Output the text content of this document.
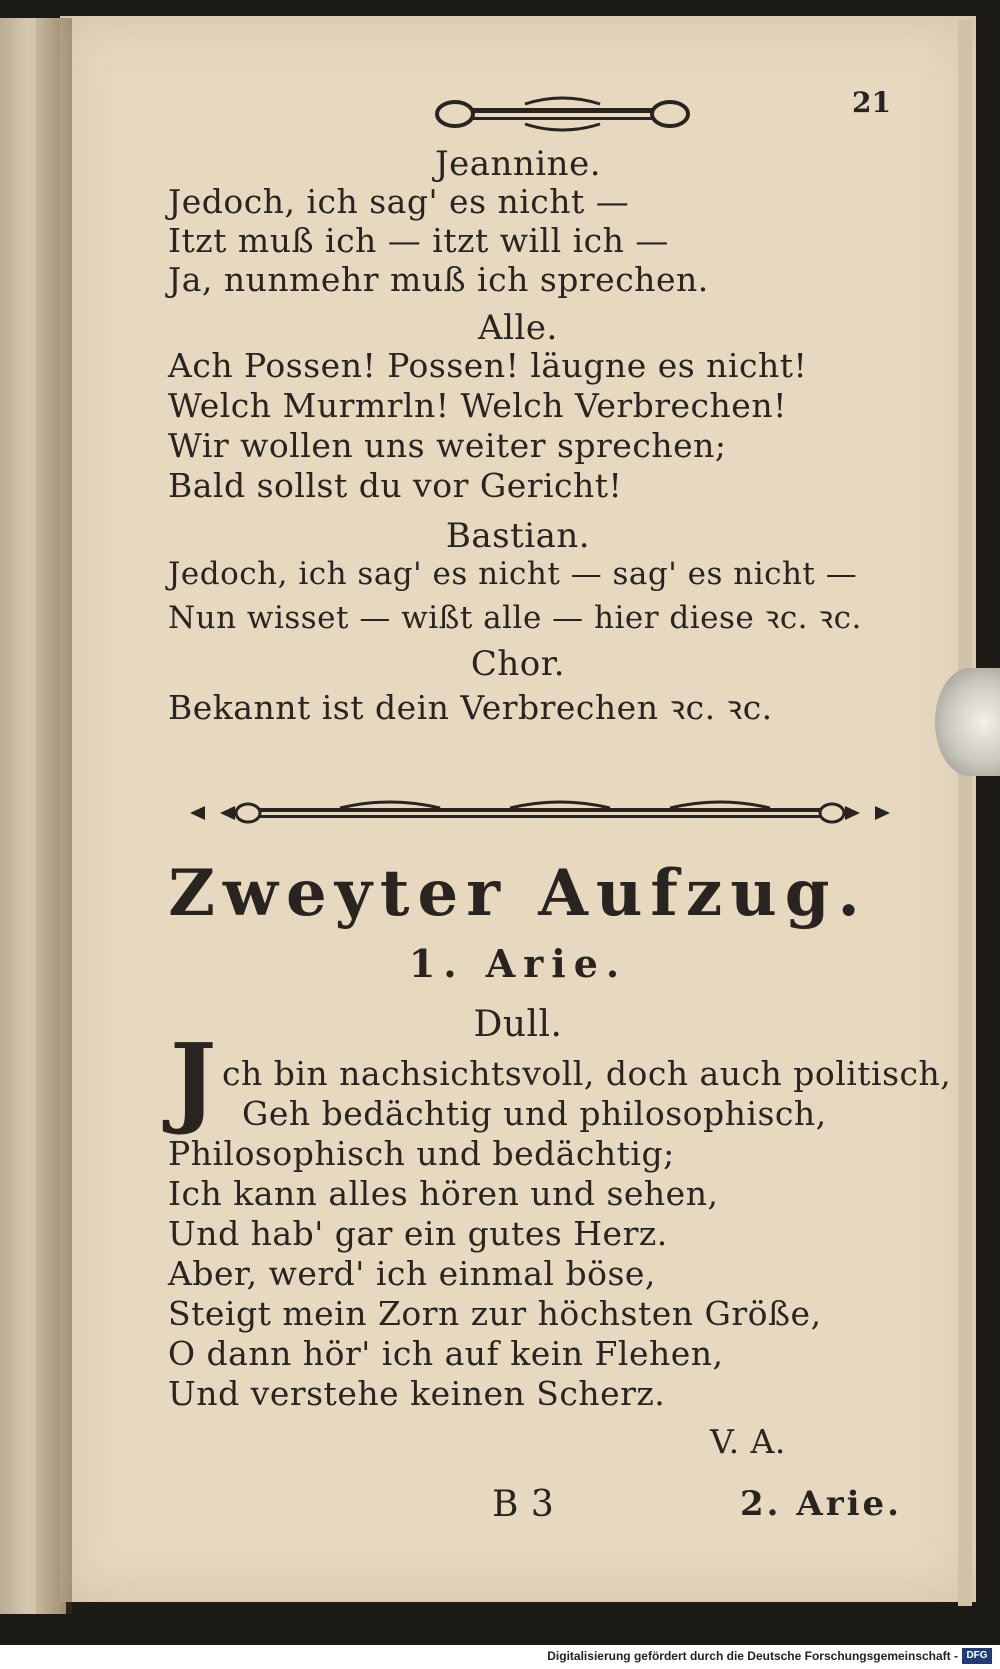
21
Jeannine.
Jedoch, ich sag' es nicht —
Itzt muß ich — itzt will ich —
Ja, nunmehr muß ich sprechen.
Alle.
Ach Possen! Possen! läugne es nicht!
Welch Murmrln! Welch Verbrechen!
Wir wollen uns weiter sprechen;
Bald sollst du vor Gericht!
Bastian.
Jedoch, ich sag' es nicht — sag' es nicht —
Nun wisset — wißt alle — hier diese ꝛc. ꝛc.
Chor.
Bekannt ist dein Verbrechen ꝛc. ꝛc.
Zweyter Aufzug.
1. Arie.
Dull.
J ch bin nachsichtsvoll, doch auch politisch,
Geh bedächtig und philosophisch,
Philosophisch und bedächtig;
Ich kann alles hören und sehen,
Und hab' gar ein gutes Herz.
Aber, werd' ich einmal böse,
Steigt mein Zorn zur höchsten Größe,
O dann hör' ich auf kein Flehen,
Und verstehe keinen Scherz.
V. A.
B 3	2. Arie.
Digitalisierung gefördert durch die Deutsche Forschungsgemeinschaft - DFG
